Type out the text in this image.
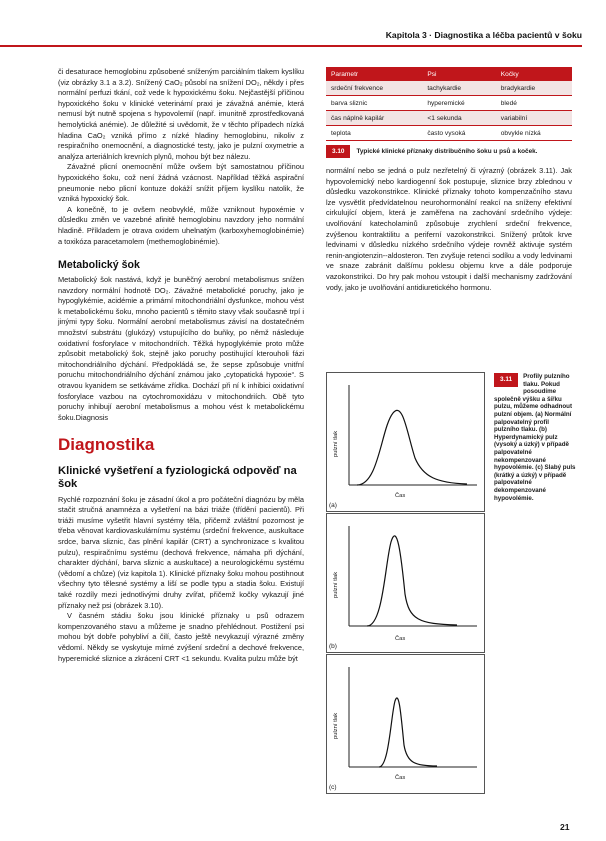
Kapitola 3 · Diagnostika a léčba pacientů v šoku

či desaturace hemoglobinu způsobené sníženým parciálním tlakem kyslíku (viz obrázky 3.1 a 3.2). Snížený CaO₂ působí na snížení DO₂, někdy i přes normální perfuzi tkání, což vede k hypoxickému šoku. Nejčastější příčinou hypoxického šoku v klinické veterinární praxi je závažná anémie, která nemusí být nutně spojena s hypovolemií (např. imunitně zprostředkovaná hemolytická anémie). Je důležité si uvědomit, že v těchto případech nízká hladina CaO₂ vzniká přímo z nízké hladiny hemoglobinu, nikoliv z respiračního onemocnění, a diagnostické testy, jako je pulzní oxymetrie a analýza arteriálních krevních plynů, mohou být bez nálezu.

Závažné plicní onemocnění může ovšem být samostatnou příčinou hypoxického šoku, což není žádná vzácnost. Například těžká aspirační pneumonie nebo plicní kontuze dokáží snížit příjem kyslíku natolik, že vzniká hypoxický šok.

A konečně, to je ovšem neobvyklé, může vzniknout hypoxémie v důsledku změn ve vazebné afinitě hemoglobinu navzdory jeho normální hladině. Příkladem je otrava oxidem uhelnatým (karboxyhemoglobinémie) a toxikóza paracetamolem (methemoglobinémie).

Metabolický šok

Metabolický šok nastává, když je buněčný aerobní metabolismus snížen navzdory normální hodnotě DO₂. Závažné metabolické poruchy, jako je hypoglykémie, acidémie a primární mitochondriální dysfunkce, mohou vést k metabolickému šoku, mnoho pacientů s těmito stavy však současně trpí i jinými typy šoku. Normální aerobní metabolismus závisí na dostatečném množství substrátu (glukózy) vstupujícího do buňky, po němž následuje oxidativní fosforylace v mitochondriích. Těžká hypoglykémie proto může způsobit metabolický šok, stejně jako poruchy postihující kterouholi fázi mitochondriálního dýchání. Předpokládá se, že sepse způsobuje vnitřní poruchu mitochondriálního dýchání známou jako „cytopatická hypoxie“. S otravou kyanidem se setkáváme zřídka. Dochází při ní k inhibici oxidativní fosforylace vazbou na cytochromoxidázu v mitochondriích. Obě tyto poruchy inhibují aerobní metabolismus a mohou vést k metabolickému šoku.Diagnosis

Diagnostika
Klinické vyšetření a fyziologická odpověď na šok

Rychlé rozpoznání šoku je zásadní úkol a pro počáteční diagnózu by měla stačit stručná anamnéza a vyšetření na bázi triáže (třídění pacientů). Při triáži musíme vyšetřit hlavní systémy těla, přičemž zvláštní pozornost je třeba věnovat kardiovaskulárnímu systému (srdeční frekvence, auskultace srdce, barva sliznic, čas plnění kapilár (CRT) a synchronizace s kvalitou pulzu), respiračnímu systému (dechová frekvence, námaha při dýchání, charakter dýchání, barva sliznic a auskultace) a neurologickému systému (vědomí a chůze) (viz kapitola 1). Klinické příznaky šoku mohou postihnout všechny tyto tělesné systémy a liší se podle typu a stadia šoku. Existují také rozdíly mezi jednotlivými druhy zvířat, přičemž kočky vykazují jiné příznaky než psi (obrázek 3.10).

V časném stádiu šoku jsou klinické příznaky u psů odrazem kompenzovaného stavu a můžeme je snadno přehlédnout. Postižení psi mohou být dobře pohybliví a čilí, často ještě nevykazují výrazné změny vědomí. Někdy se vyskytuje mírné zvýšení srdeční a dechové frekvence, hyperemické sliznice a zkrácení CRT <1 sekundu. Kvalita pulzu může být

Parametr	Psi	Kočky
srdeční frekvence	tachykardie	bradykardie
barva sliznic	hyperemické	bledé
čas náplně kapilár	<1 sekunda	variabilní
teplota	často vysoká	obvykle nízká
3.10	Typické klinické příznaky distribučního šoku u psů a koček.

normální nebo se jedná o pulz nezřetelný či výrazný (obrázek 3.11). Jak hypovolemický nebo kardiogenní šok postupuje, sliznice brzy zblednou v důsledku vazokonstrikce. Klinické příznaky tohoto kompenzačního stavu lze vysvětlit předvídatelnou neurohormonální reakcí na sníženy efektivní cirkulující objem, která je zaměřena na zachování srdečního výdeje: uvolňování katecholaminů způsobuje zrychlení srdeční frekvence, zvýšenou kontraktilitu a periferní vazokonstrikci. Snížený průtok krve ledvinami v důsledku nízkého srdečního výdeje rovněž aktivuje systém renin-angiotenzin--aldosteron. Ten zvyšuje retenci sodíku a vody ledvinami ve snaze zabránit dalšímu poklesu objemu krve a dále podporuje vazokonstrikci. Do hry pak mohou vstoupit i další mechanismy zadržování vody, jako je uvolňování antidiuretického hormonu.

pulzní tlak
Čas
(a)
pulzní tlak
Čas
(b)
pulzní tlak
Čas
(c)
3.11	Profily pulzního tlaku. Pokud posoudíme společně výšku a šířku pulzu, můžeme odhadnout pulzní objem. (a) Normální palpovatelný profil pulzního tlaku. (b) Hyperdynamický pulz (vysoký a úzký) v případě palpovatelné nekompenzované hypovolémie. (c) Slabý puls (krátký a úzký) v případě palpovatelné dekompenzované hypovolémie.
21
